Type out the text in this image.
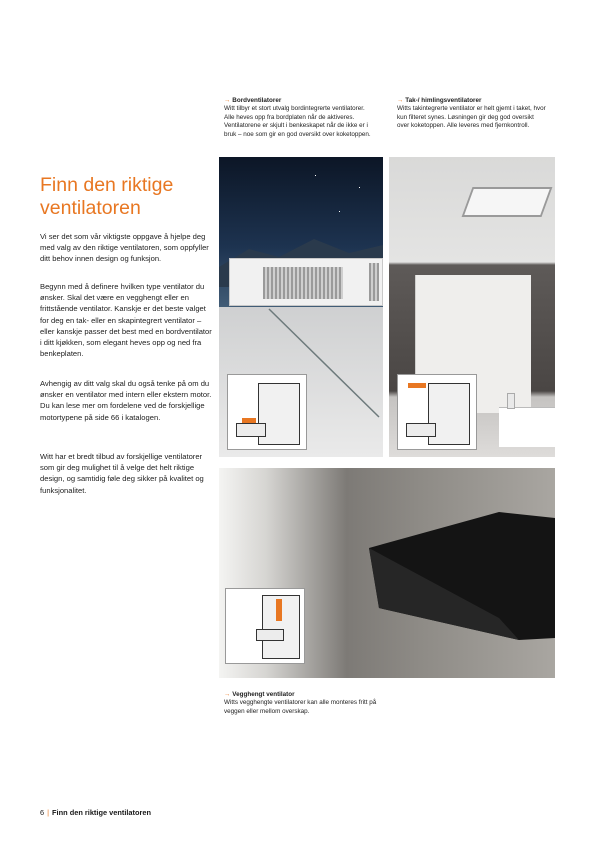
→ Bordventilatorer
Witt tilbyr et stort utvalg bordintegrerte ventilatorer. Alle heves opp fra bordplaten når de aktiveres. Ventilatorene er skjult i benkeskapet når de ikke er i bruk – noe som gir en god oversikt over koketoppen.
→ Tak-/ himlingsventilatorer
Witts takintegrerte ventilator er helt gjemt i taket, hvor kun filteret synes. Løsningen gir deg god oversikt over koketoppen. Alle leveres med fjernkontroll.
Finn den riktige ventilatoren

Vi ser det som vår viktigste oppgave å hjelpe deg med valg av den riktige ventilatoren, som oppfyller ditt behov innen design og funksjon.

Begynn med å definere hvilken type ventilator du ønsker. Skal det være en vegghengt eller en frittstående ventilator. Kanskje er det beste valget for deg en tak- eller en skapintegrert ventilator – eller kanskje passer det best med en bordventilator i ditt kjøkken, som elegant heves opp og ned fra benkeplaten.

Avhengig av ditt valg skal du også tenke på om du ønsker en ventilator med intern eller ekstern motor. Du kan lese mer om fordelene ved de forskjellige motortypene på side 66 i katalogen.

Witt har et bredt tilbud av forskjellige ventilatorer som gir deg mulighet til å velge det helt riktige design, og samtidig føle deg sikker på kvalitet og funksjonalitet.

→ Vegghengt ventilator
Witts vegghengte ventilatorer kan alle monteres fritt på veggen eller mellom overskap.
6 | Finn den riktige ventilatoren
